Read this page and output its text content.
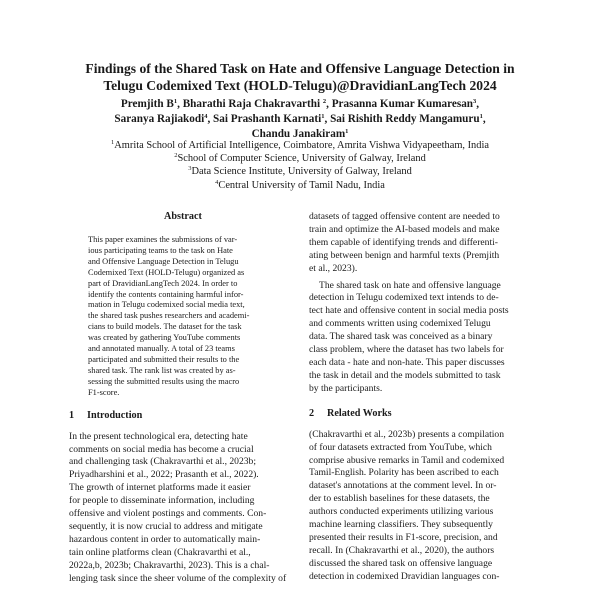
Findings of the Shared Task on Hate and Offensive Language Detection in
Telugu Codemixed Text (HOLD-Telugu)@DravidianLangTech 2024
Premjith $B^1$, Bharathi Raja Chakravarthi $^2$, Prasanna Kumar Kumaresan$^3$,
Saranya Rajiakodi$^4$, Sai Prashanth Karnati$^1$, Sai Rishith Reddy Mangamuru$^1$,
Chandu Janakiram$^1$
$^1$Amrita School of Artificial Intelligence, Coimbatore, Amrita Vishwa Vidyapeetham, India
$^2$School of Computer Science, University of Galway, Ireland
$^3$Data Science Institute, University of Galway, Ireland
$^4$Central University of Tamil Nadu, India
Abstract
This paper examines the submissions of var-
ious participating teams to the task on Hate
and Offensive Language Detection in Telugu
Codemixed Text (HOLD-Telugu) organized as
part of DravidianLangTech 2024. In order to
identify the contents containing harmful infor-
mation in Telugu codemixed social media text,
the shared task pushes researchers and academi-
cians to build models. The dataset for the task
was created by gathering YouTube comments
and annotated manually. A total of 23 teams
participated and submitted their results to the
shared task. The rank list was created by as-
sessing the submitted results using the macro
F1-score.
1 Introduction
In the present technological era, detecting hate
comments on social media has become a crucial
and challenging task (Chakravarthi et al., 2023b;
Priyadharshini et al., 2022; Prasanth et al., 2022).
The growth of internet platforms made it easier
for people to disseminate information, including
offensive and violent postings and comments. Con-
sequently, it is now crucial to address and mitigate
hazardous content in order to automatically main-
tain online platforms clean (Chakravarthi et al.,
2022a,b, 2023b; Chakravarthi, 2023). This is a chal-
lenging task since the sheer volume of the complexity of
datasets of tagged offensive content are needed to
train and optimize the AI-based models and make
them capable of identifying trends and differenti-
ating between benign and harmful texts (Premjith
et al., 2023).
The shared task on hate and offensive language
detection in Telugu codemixed text intends to de-
tect hate and offensive content in social media posts
and comments written using codemixed Telugu
data. The shared task was conceived as a binary
class problem, where the dataset has two labels for
each data - hate and non-hate. This paper discusses
the task in detail and the models submitted to task
by the participants.
2 Related Works
(Chakravarthi et al., 2023b) presents a compilation
of four datasets extracted from YouTube, which
comprise abusive remarks in Tamil and codemixed
Tamil-English. Polarity has been ascribed to each
dataset's annotations at the comment level. In or-
der to establish baselines for these datasets, the
authors conducted experiments utilizing various
machine learning classifiers. They subsequently
presented their results in F1-score, precision, and
recall. In (Chakravarthi et al., 2020), the authors
discussed the shared task on offensive language
detection in codemixed Dravidian languages con-
